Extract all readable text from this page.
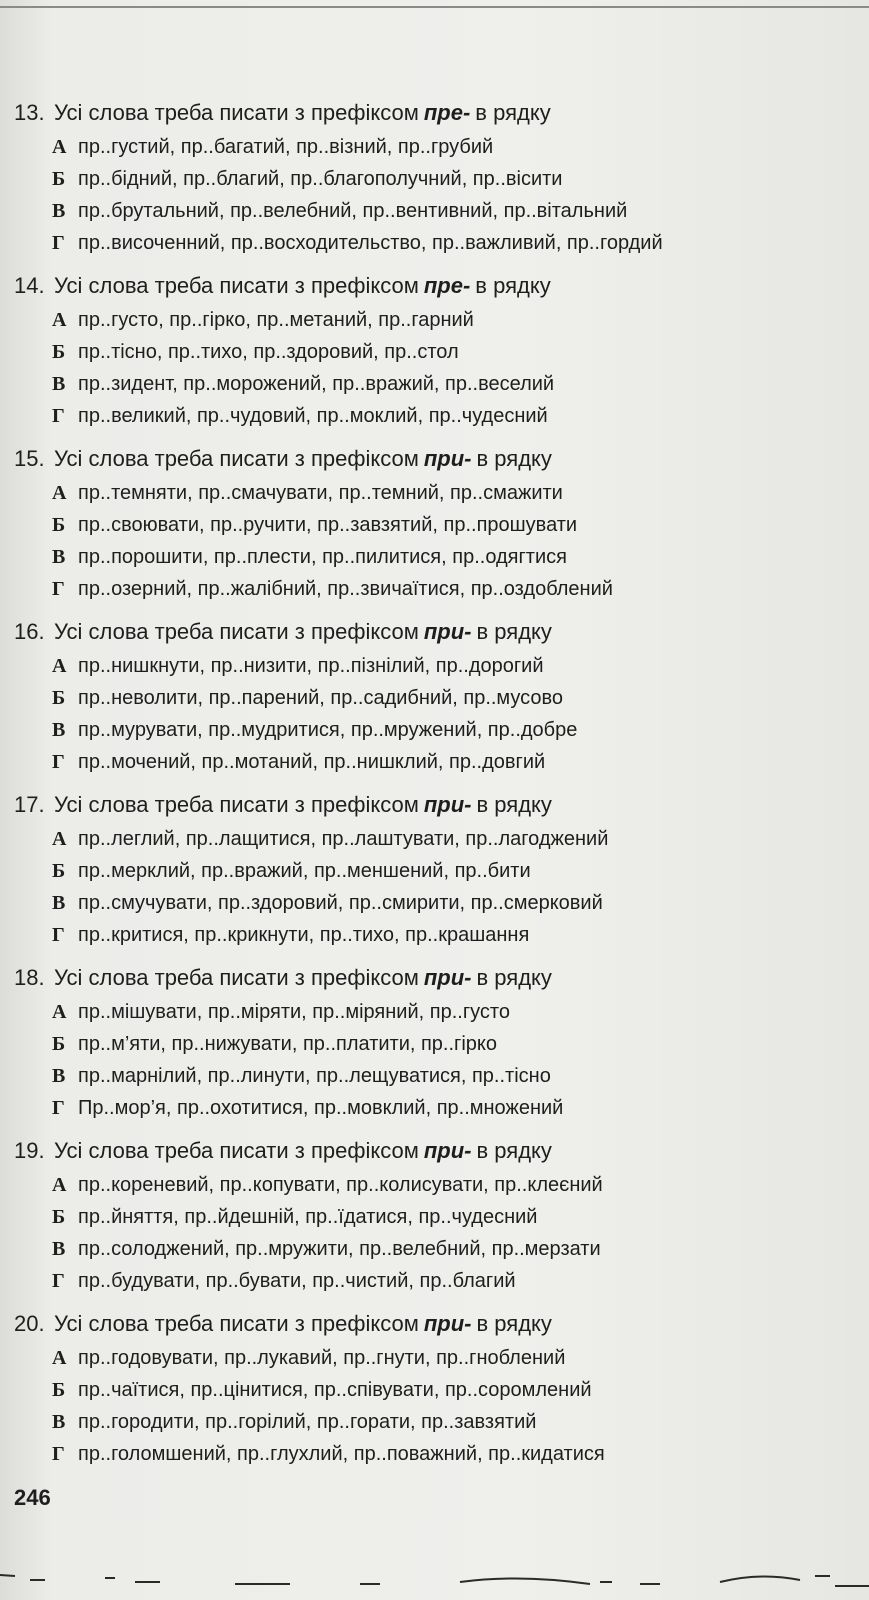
13. Усі слова треба писати з префіксом пре- в рядку
А пр..густий, пр..багатий, пр..візний, пр..грубий
Б пр..бідний, пр..благий, пр..благополучний, пр..вісити
В пр..брутальний, пр..велебний, пр..вентивний, пр..вітальний
Г пр..височенний, пр..восходительство, пр..важливий, пр..гордий
14. Усі слова треба писати з префіксом пре- в рядку
А пр..густо, пр..гірко, пр..метаний, пр..гарний
Б пр..тісно, пр..тихо, пр..здоровий, пр..стол
В пр..зидент, пр..морожений, пр..вражий, пр..веселий
Г пр..великий, пр..чудовий, пр..моклий, пр..чудесний
15. Усі слова треба писати з префіксом при- в рядку
А пр..темняти, пр..смачувати, пр..темний, пр..смажити
Б пр..своювати, пр..ручити, пр..завзятий, пр..прошувати
В пр..порошити, пр..плести, пр..пилитися, пр..одягтися
Г пр..озерний, пр..жалібний, пр..звичаїтися, пр..оздоблений
16. Усі слова треба писати з префіксом при- в рядку
А пр..нишкнути, пр..низити, пр..пізнілий, пр..дорогий
Б пр..неволити, пр..парений, пр..садибний, пр..мусово
В пр..мурувати, пр..мудритися, пр..мружений, пр..добре
Г пр..мочений, пр..мотаний, пр..нишклий, пр..довгий
17. Усі слова треба писати з префіксом при- в рядку
А пр..леглий, пр..лащитися, пр..лаштувати, пр..лагоджений
Б пр..мерклий, пр..вражий, пр..меншений, пр..бити
В пр..смучувати, пр..здоровий, пр..смирити, пр..смерковий
Г пр..критися, пр..крикнути, пр..тихо, пр..крашання
18. Усі слова треба писати з префіксом при- в рядку
А пр..мішувати, пр..міряти, пр..міряний, пр..густо
Б пр..м’яти, пр..нижувати, пр..платити, пр..гірко
В пр..марнілий, пр..линути, пр..лещуватися, пр..тісно
Г Пр..мор’я, пр..охотитися, пр..мовклий, пр..множений
19. Усі слова треба писати з префіксом при- в рядку
А пр..кореневий, пр..копувати, пр..колисувати, пр..клеєний
Б пр..йняття, пр..йдешній, пр..їдатися, пр..чудесний
В пр..солоджений, пр..мружити, пр..велебний, пр..мерзати
Г пр..будувати, пр..бувати, пр..чистий, пр..благий
20. Усі слова треба писати з префіксом при- в рядку
А пр..годовувати, пр..лукавий, пр..гнути, пр..гноблений
Б пр..чаїтися, пр..цінитися, пр..співувати, пр..соромлений
В пр..городити, пр..горілий, пр..горати, пр..завзятий
Г пр..голомшений, пр..глухлий, пр..поважний, пр..кидатися
246
